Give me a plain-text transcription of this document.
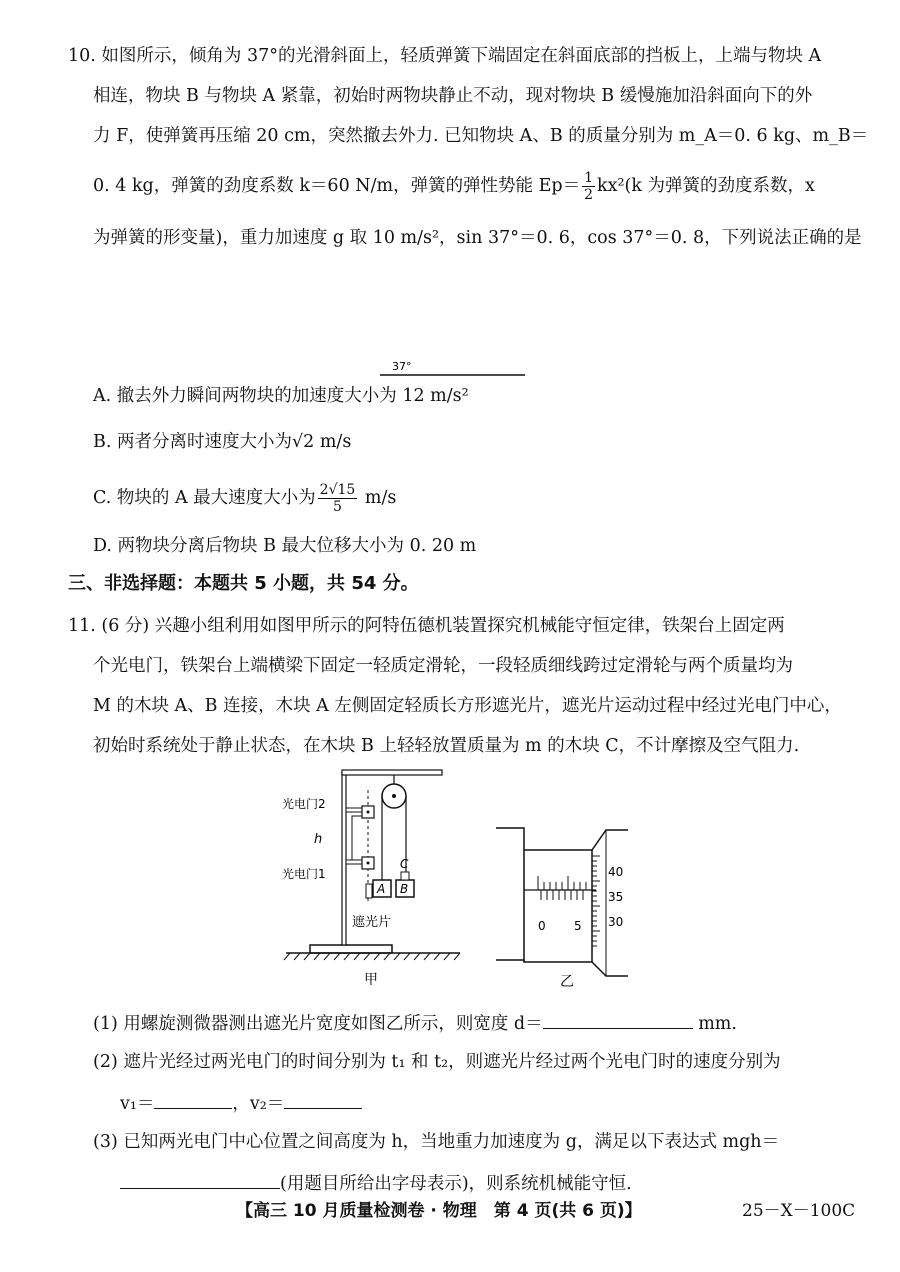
10. 如图所示，倾角为 37°的光滑斜面上，轻质弹簧下端固定在斜面底部的挡板上，上端与物块 A
相连，物块 B 与物块 A 紧靠，初始时两物块静止不动，现对物块 B 缓慢施加沿斜面向下的外
力 F，使弹簧再压缩 20 cm，突然撤去外力. 已知物块 A、B 的质量分别为 m_A＝0. 6 kg、m_B＝
0. 4 kg，弹簧的劲度系数 k＝60 N/m，弹簧的弹性势能 $Ep= \frac{1}{2} kx^2(k$ 为弹簧的劲度系数，x
为弹簧的形变量)，重力加速度 g 取 10 m/s²，sin 37°＝0. 6，cos 37°＝0. 8，下列说法正确的是
37°
A. 撤去外力瞬间两物块的加速度大小为 12 m/s²
B. 两者分离时速度大小为√2 m/s
C. 物块的 A 最大速度大小为 $\frac{2√15}{5} m/s$
D. 两物块分离后物块 B 最大位移大小为 0. 20 m
三、非选择题：本题共 5 小题，共 54 分。
11. (6 分) 兴趣小组利用如图甲所示的阿特伍德机装置探究机械能守恒定律，铁架台上固定两
个光电门，铁架台上端横梁下固定一轻质定滑轮，一段轻质细线跨过定滑轮与两个质量均为
M 的木块 A、B 连接，木块 A 左侧固定轻质长方形遮光片，遮光片运动过程中经过光电门中心，
初始时系统处于静止状态，在木块 B 上轻轻放置质量为 m 的木块 C，不计摩擦及空气阻力.
h
光电门2
光电门1
A B
C
遮光片
甲
40
35
30
0 5
乙
(1) 用螺旋测微器测出遮光片宽度如图乙所示，则宽度 d＝	mm.
(2) 遮片光经过两光电门的时间分别为 t₁ 和 t₂，则遮光片经过两个光电门时的速度分别为
v₁＝	，v₂＝
(3) 已知两光电门中心位置之间高度为 h，当地重力加速度为 g，满足以下表达式 mgh＝
(用题目所给出字母表示)，则系统机械能守恒.
【高三 10 月质量检测卷 · 物理　第 4 页(共 6 页)】	25－X－100C
